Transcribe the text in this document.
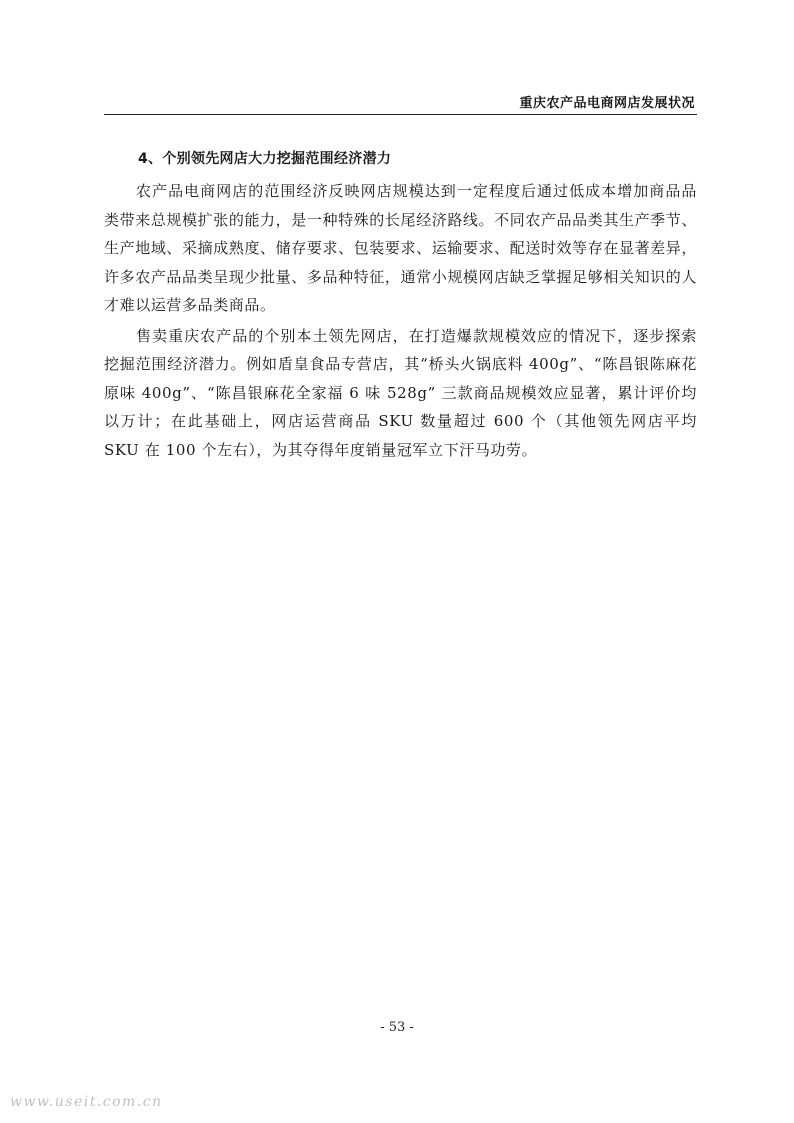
重庆农产品电商网店发展状况
4、个别领先网店大力挖掘范围经济潜力

农产品电商网店的范围经济反映网店规模达到一定程度后通过低成本增加商品品类带来总规模扩张的能力，是一种特殊的长尾经济路线。不同农产品品类其生产季节、生产地域、采摘成熟度、储存要求、包装要求、运输要求、配送时效等存在显著差异，许多农产品品类呈现少批量、多品种特征，通常小规模网店缺乏掌握足够相关知识的人才难以运营多品类商品。

售卖重庆农产品的个别本土领先网店，在打造爆款规模效应的情况下，逐步探索挖掘范围经济潜力。例如盾皇食品专营店，其“桥头火锅底料 400g”、“陈昌银陈麻花原味 400g”、“陈昌银麻花全家福 6 味 528g” 三款商品规模效应显著，累计评价均以万计；在此基础上，网店运营商品 SKU 数量超过 600 个（其他领先网店平均 SKU 在 100 个左右），为其夺得年度销量冠军立下汗马功劳。

- 53 -
www.useit.com.cn
